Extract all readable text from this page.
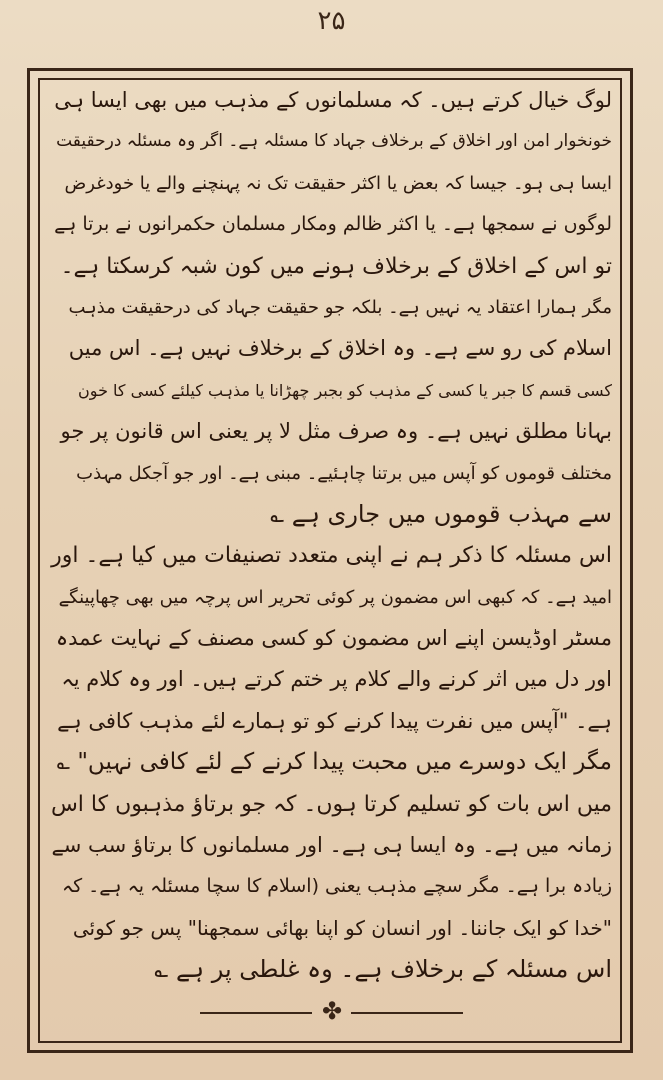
۲۵
لوگ خیال کرتے ہیں۔ کہ مسلمانوں کے مذہب میں بھی ایسا ہی
خونخوار امن اور اخلاق کے برخلاف جہاد کا مسئلہ ہے۔ اگر وہ مسئلہ درحقیقت
ایسا ہی ہو۔ جیسا کہ بعض یا اکثر حقیقت تک نہ پہنچنے والے یا خودغرض
لوگوں نے سمجھا ہے۔ یا اکثر ظالم ومکار مسلمان حکمرانوں نے برتا ہے
تو اس کے اخلاق کے برخلاف ہونے میں کون شبہ کرسکتا ہے۔
مگر ہمارا اعتقاد یہ نہیں ہے۔ بلکہ جو حقیقت جہاد کی درحقیقت مذہب
اسلام کی رو سے ہے۔ وہ اخلاق کے برخلاف نہیں ہے۔ اس میں
کسی قسم کا جبر یا کسی کے مذہب کو بجبر چھڑانا یا مذہب کیلئے کسی کا خون
بہانا مطلق نہیں ہے۔ وہ صرف مثل لا پر یعنی اس قانون پر جو
مختلف قوموں کو آپس میں برتنا چاہئیے۔ مبنی ہے۔ اور جو آجکل مہذب
سے مہذب قوموں میں جاری ہے ؎
اس مسئلہ کا ذکر ہم نے اپنی متعدد تصنیفات میں کیا ہے۔ اور
امید ہے۔ کہ کبھی اس مضمون پر کوئی تحریر اس پرچہ میں بھی چھاپینگے
مسٹر اوڈیسن اپنے اس مضمون کو کسی مصنف کے نہایت عمدہ
اور دل میں اثر کرنے والے کلام پر ختم کرتے ہیں۔ اور وہ کلام یہ
ہے۔ "آپس میں نفرت پیدا کرنے کو تو ہمارے لئے مذہب کافی ہے
مگر ایک دوسرے میں محبت پیدا کرنے کے لئے کافی نہیں" ؎
میں اس بات کو تسلیم کرتا ہوں۔ کہ جو برتاؤ مذہبوں کا اس
زمانہ میں ہے۔ وہ ایسا ہی ہے۔ اور مسلمانوں کا برتاؤ سب سے
زیادہ برا ہے۔ مگر سچے مذہب یعنی (اسلام کا سچا مسئلہ یہ ہے۔ کہ
"خدا کو ایک جاننا۔ اور انسان کو اپنا بھائی سمجھنا" پس جو کوئی
اس مسئلہ کے برخلاف ہے۔ وہ غلطی پر ہے ؎
✤
